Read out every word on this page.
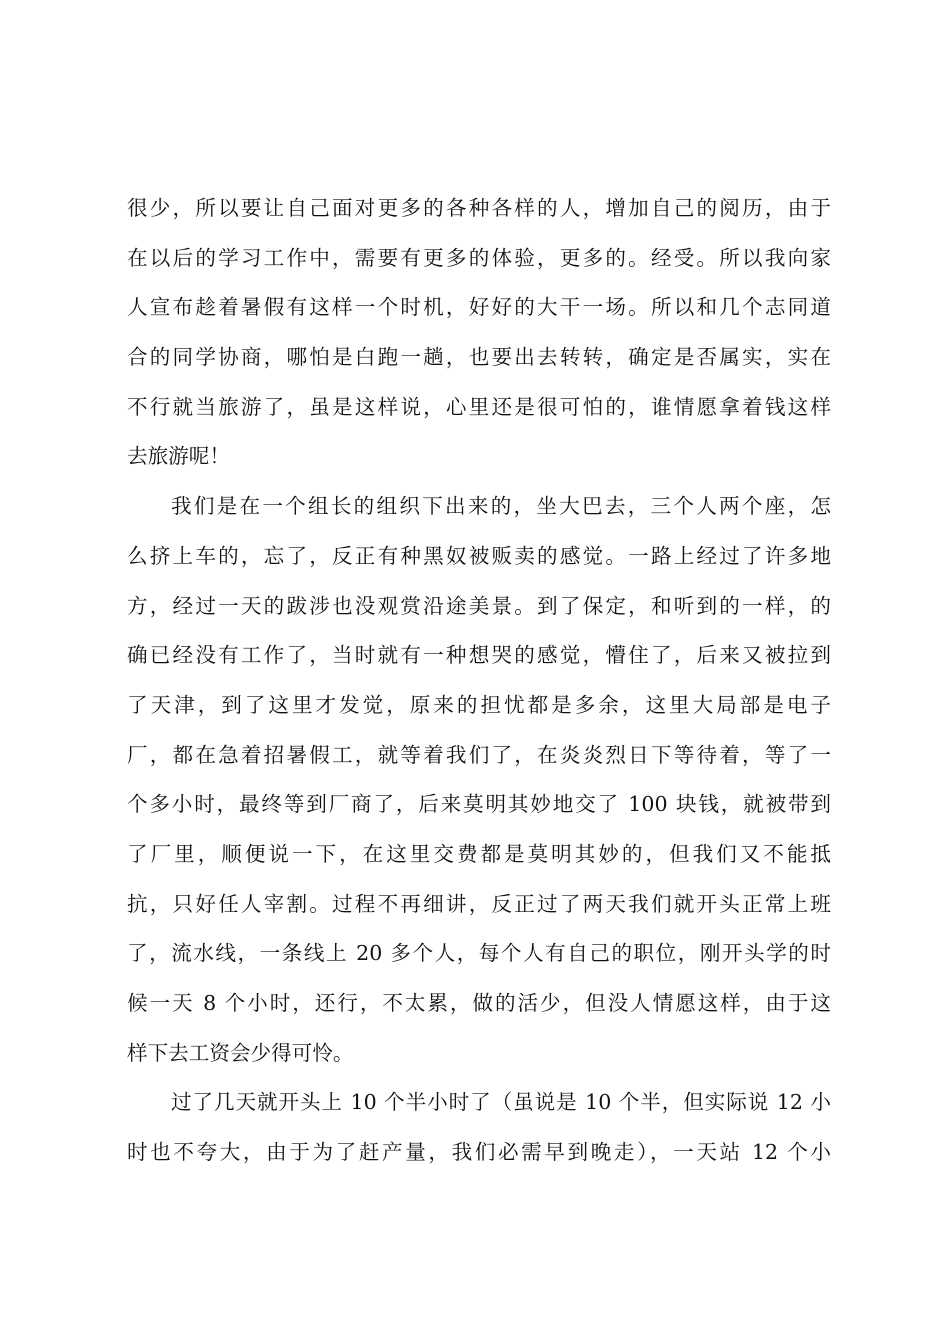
很少，所以要让自己面对更多的各种各样的人，增加自己的阅历，由于
在以后的学习工作中，需要有更多的体验，更多的。经受。所以我向家
人宣布趁着暑假有这样一个时机，好好的大干一场。所以和几个志同道
合的同学协商，哪怕是白跑一趟，也要出去转转，确定是否属实，实在
不行就当旅游了，虽是这样说，心里还是很可怕的，谁情愿拿着钱这样
去旅游呢！
我们是在一个组长的组织下出来的，坐大巴去，三个人两个座，怎
么挤上车的，忘了，反正有种黑奴被贩卖的感觉。一路上经过了许多地
方，经过一天的跋涉也没观赏沿途美景。到了保定，和听到的一样，的
确已经没有工作了，当时就有一种想哭的感觉，懵住了，后来又被拉到
了天津，到了这里才发觉，原来的担忧都是多余，这里大局部是电子
厂，都在急着招暑假工，就等着我们了，在炎炎烈日下等待着，等了一
个多小时，最终等到厂商了，后来莫明其妙地交了 100 块钱，就被带到
了厂里，顺便说一下，在这里交费都是莫明其妙的，但我们又不能抵
抗，只好任人宰割。过程不再细讲，反正过了两天我们就开头正常上班
了，流水线，一条线上 20 多个人，每个人有自己的职位，刚开头学的时
候一天 8 个小时，还行，不太累，做的活少，但没人情愿这样，由于这
样下去工资会少得可怜。
过了几天就开头上 10 个半小时了（虽说是 10 个半，但实际说 12 小
时也不夸大，由于为了赶产量，我们必需早到晚走），一天站 12 个小
